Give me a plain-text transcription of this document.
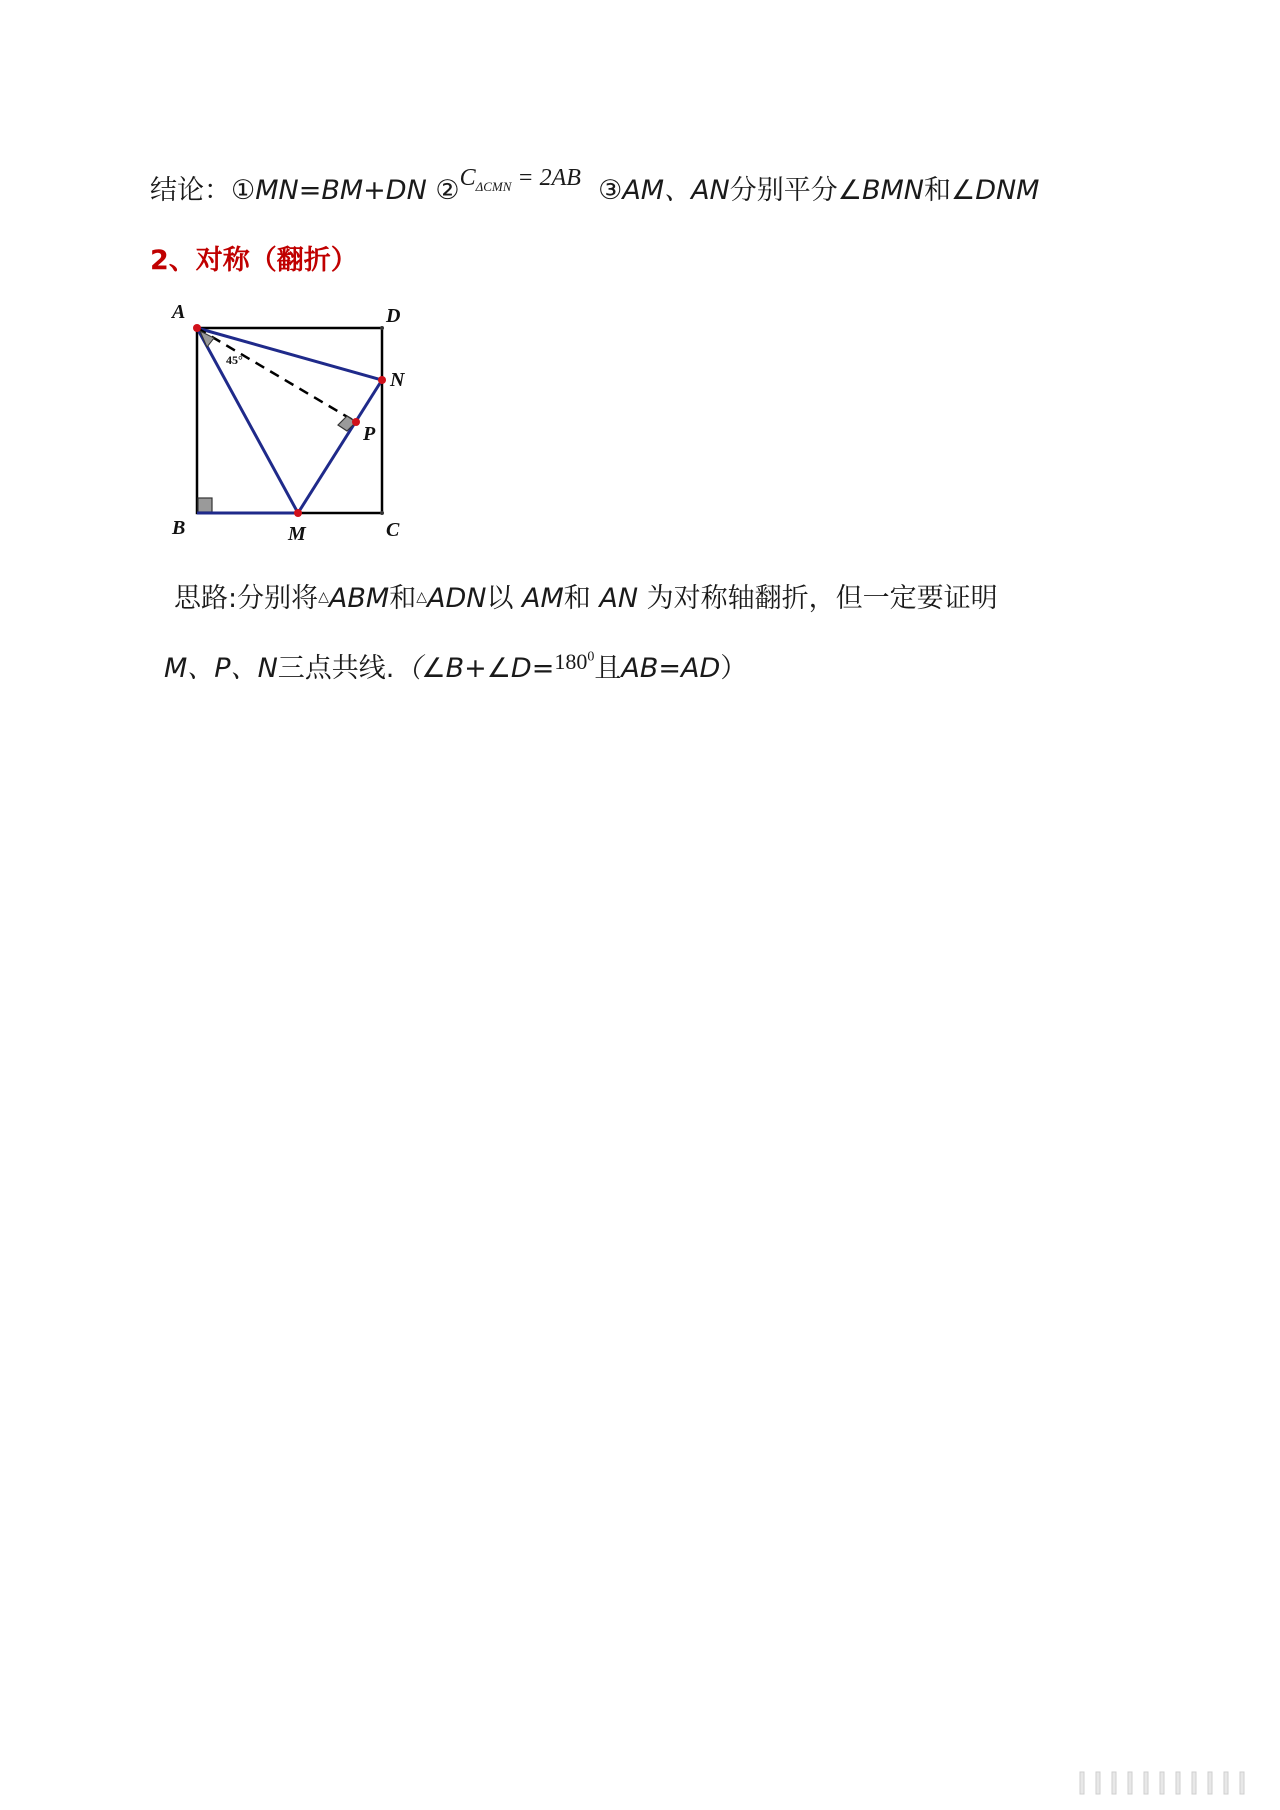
结论：①MN=BM+DN $②C_{\Delta CMN} = 2AB$ ③AM、AN分别平分∠BMN和∠DNM
2、对称（翻折）
45°
A	D
N
P
B	M	C
思路:分别将△ABM和△ADN以 AM和 AN 为对称轴翻折，但一定要证明
M、P、N三点共线.（∠B+∠D=$^{180^0}$且AB=AD）
